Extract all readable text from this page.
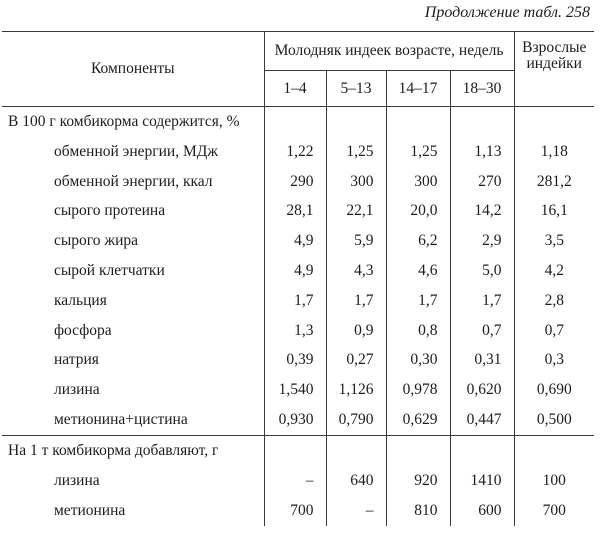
Продолжение табл. 258
Компоненты	Молодняк индеек возрасте, недель				Взрослые индейки
	1–4	5–13	14–17	18–30	
В 100 г комбикорма содержится, %					
обменной энергии, МДж	1,22	1,25	1,25	1,13	1,18
обменной энергии, ккал	290	300	300	270	281,2
сырого протеина	28,1	22,1	20,0	14,2	16,1
сырого жира	4,9	5,9	6,2	2,9	3,5
сырой клетчатки	4,9	4,3	4,6	5,0	4,2
кальция	1,7	1,7	1,7	1,7	2,8
фосфора	1,3	0,9	0,8	0,7	0,7
натрия	0,39	0,27	0,30	0,31	0,3
лизина	1,540	1,126	0,978	0,620	0,690
метионина+цистина	0,930	0,790	0,629	0,447	0,500
На 1 т комбикорма добавляют, г					
лизина	–	640	920	1410	100
метионина	700	–	810	600	700
